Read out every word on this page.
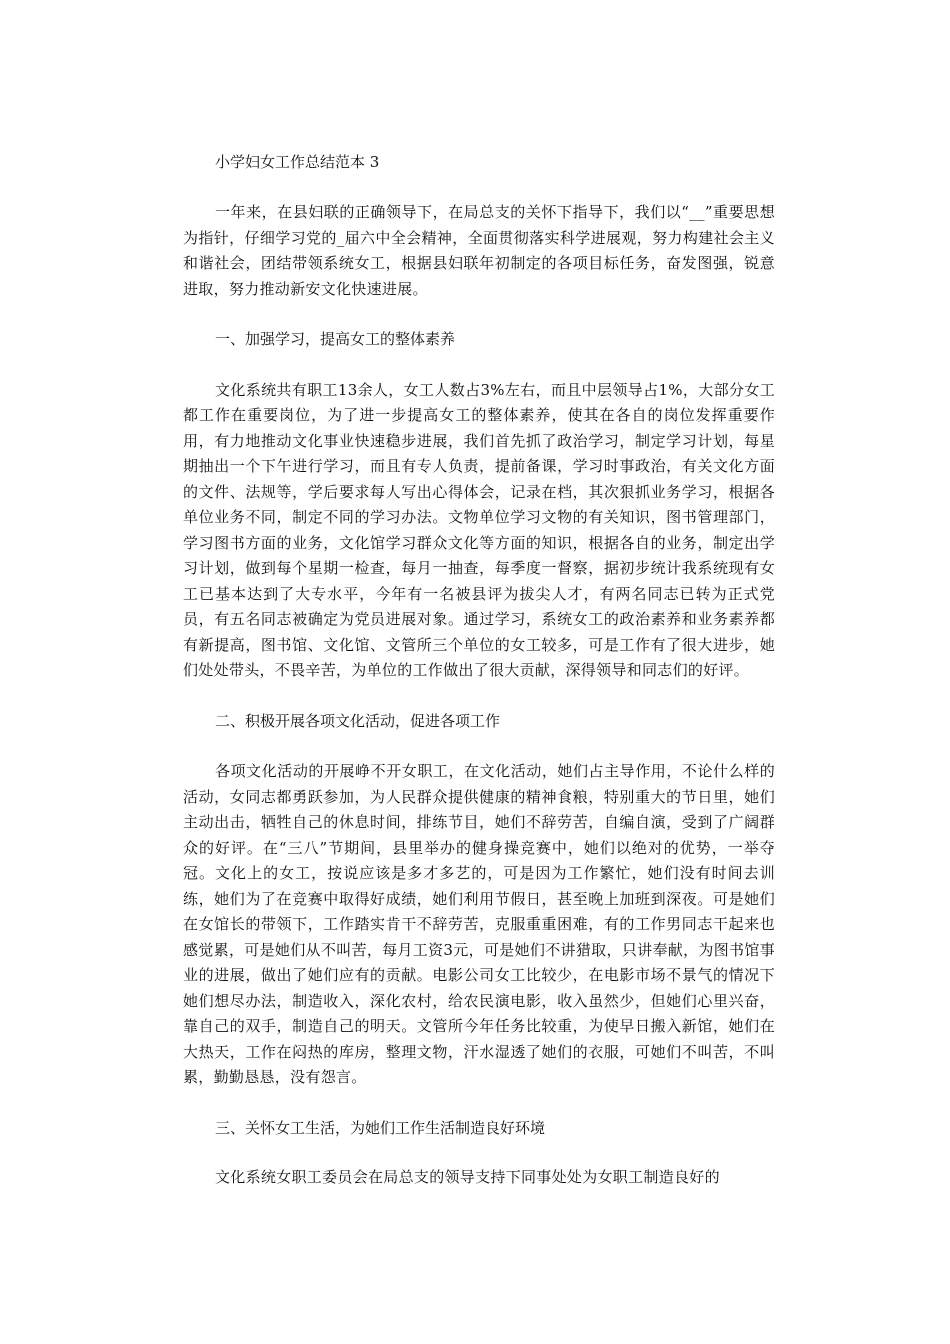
小学妇女工作总结范本 3

一年来，在县妇联的正确领导下，在局总支的关怀下指导下，我们以“__”重要思想为指针，仔细学习党的_届六中全会精神，全面贯彻落实科学进展观，努力构建社会主义和谐社会，团结带领系统女工，根据县妇联年初制定的各项目标任务，奋发图强，锐意进取，努力推动新安文化快速进展。

一、加强学习，提高女工的整体素养

文化系统共有职工13余人，女工人数占3%左右，而且中层领导占1%，大部分女工都工作在重要岗位，为了进一步提高女工的整体素养，使其在各自的岗位发挥重要作用，有力地推动文化事业快速稳步进展，我们首先抓了政治学习，制定学习计划，每星期抽出一个下午进行学习，而且有专人负责，提前备课，学习时事政治，有关文化方面的文件、法规等，学后要求每人写出心得体会，记录在档，其次狠抓业务学习，根据各单位业务不同，制定不同的学习办法。文物单位学习文物的有关知识，图书管理部门，学习图书方面的业务，文化馆学习群众文化等方面的知识，根据各自的业务，制定出学习计划，做到每个星期一检查，每月一抽查，每季度一督察，据初步统计我系统现有女工已基本达到了大专水平，今年有一名被县评为拔尖人才，有两名同志已转为正式党员，有五名同志被确定为党员进展对象。通过学习，系统女工的政治素养和业务素养都有新提高，图书馆、文化馆、文管所三个单位的女工较多，可是工作有了很大进步，她们处处带头，不畏辛苦，为单位的工作做出了很大贡献，深得领导和同志们的好评。

二、积极开展各项文化活动，促进各项工作

各项文化活动的开展峥不开女职工，在文化活动，她们占主导作用，不论什么样的活动，女同志都勇跃参加，为人民群众提供健康的精神食粮，特别重大的节日里，她们主动出击，牺牲自己的休息时间，排练节目，她们不辞劳苦，自编自演，受到了广阔群众的好评。在“三八”节期间，县里举办的健身操竞赛中，她们以绝对的优势，一举夺冠。文化上的女工，按说应该是多才多艺的，可是因为工作繁忙，她们没有时间去训练，她们为了在竞赛中取得好成绩，她们利用节假日，甚至晚上加班到深夜。可是她们在女馆长的带领下，工作踏实肯干不辞劳苦，克服重重困难，有的工作男同志干起来也感觉累，可是她们从不叫苦，每月工资3元，可是她们不讲猎取，只讲奉献，为图书馆事业的进展，做出了她们应有的贡献。电影公司女工比较少，在电影市场不景气的情况下她们想尽办法，制造收入，深化农村，给农民演电影，收入虽然少，但她们心里兴奋，靠自己的双手，制造自己的明天。文管所今年任务比较重，为使早日搬入新馆，她们在大热天，工作在闷热的库房，整理文物，汗水湿透了她们的衣服，可她们不叫苦，不叫累，勤勤恳恳，没有怨言。

三、关怀女工生活，为她们工作生活制造良好环境

文化系统女职工委员会在局总支的领导支持下同事处处为女职工制造良好的
